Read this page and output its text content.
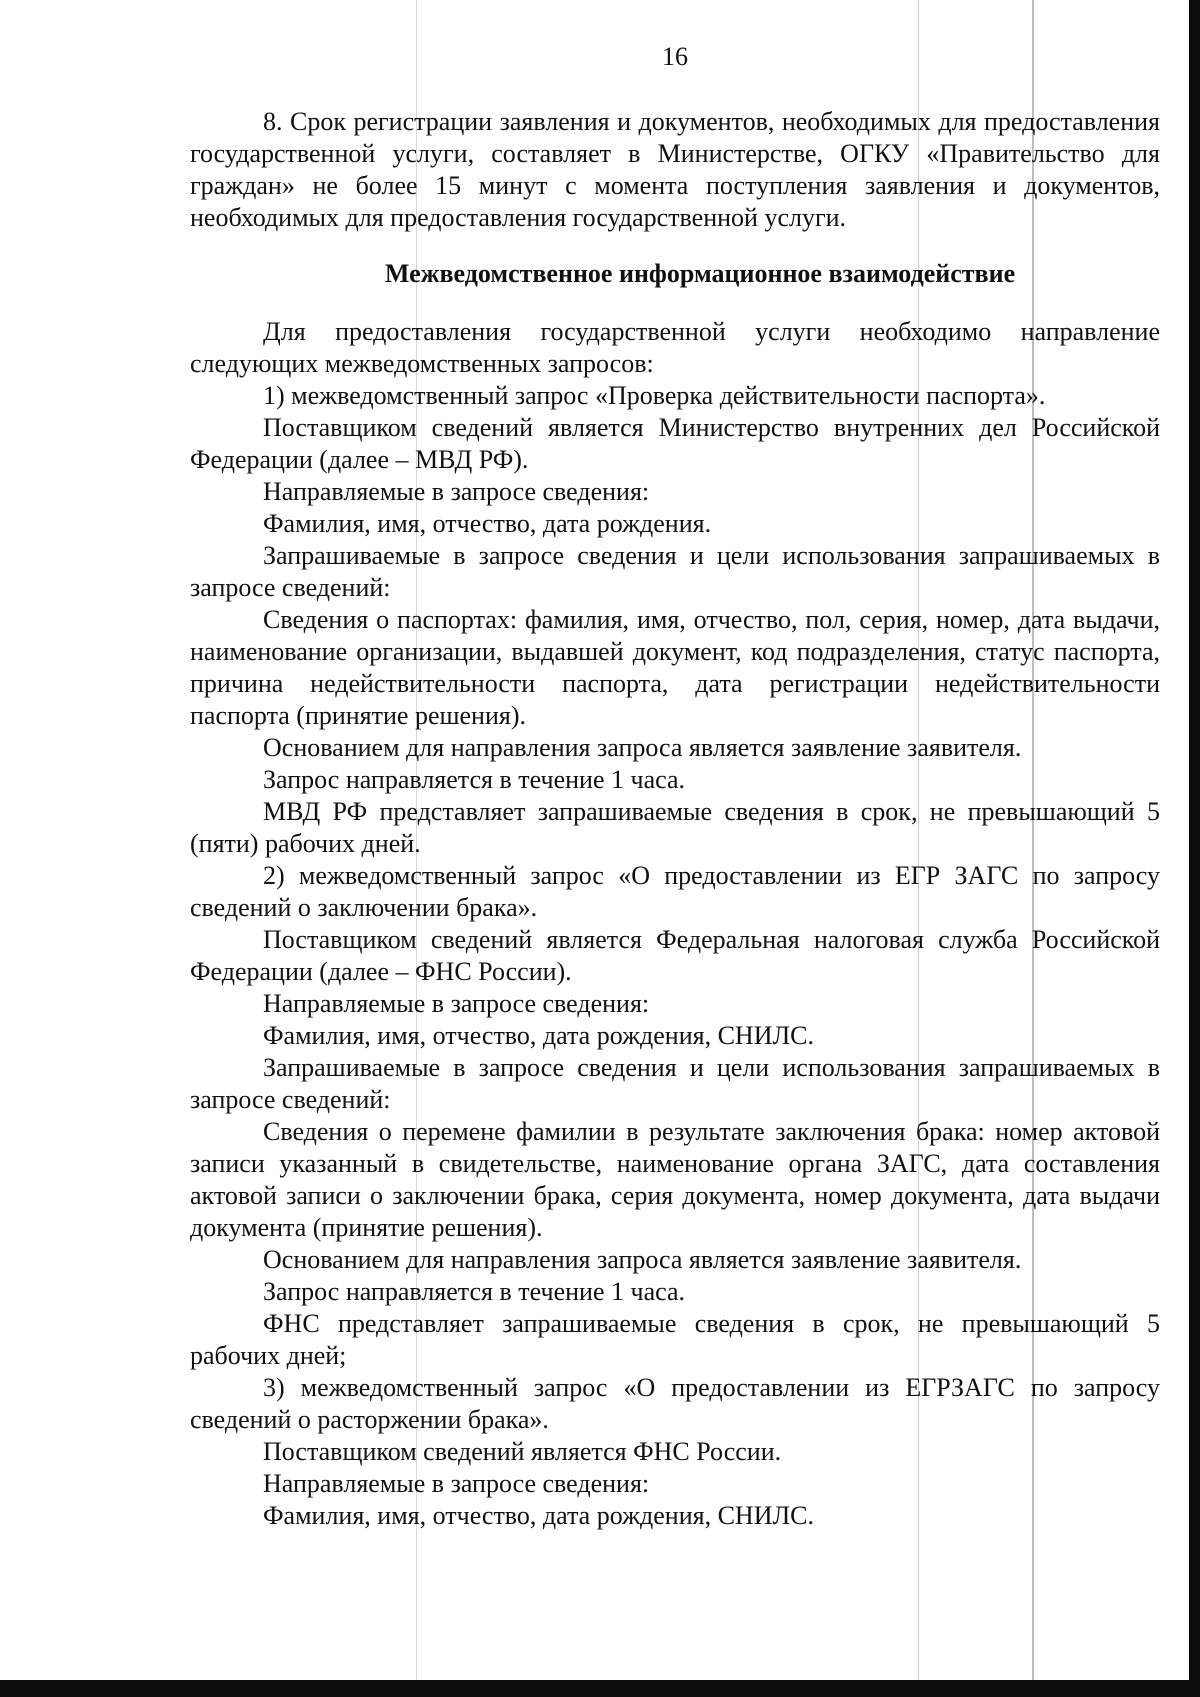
16

8. Срок регистрации заявления и документов, необходимых для предоставления государственной услуги, составляет в Министерстве, ОГКУ «Правительство для граждан» не более 15 минут с момента поступления заявления и документов, необходимых для предоставления государственной услуги.

Межведомственное информационное взаимодействие

Для предоставления государственной услуги необходимо направление следующих межведомственных запросов:

1) межведомственный запрос «Проверка действительности паспорта».

Поставщиком сведений является Министерство внутренних дел Российской Федерации (далее – МВД РФ).

Направляемые в запросе сведения:

Фамилия, имя, отчество, дата рождения.

Запрашиваемые в запросе сведения и цели использования запрашиваемых в запросе сведений:

Сведения о паспортах: фамилия, имя, отчество, пол, серия, номер, дата выдачи, наименование организации, выдавшей документ, код подразделения, статус паспорта, причина недействительности паспорта, дата регистрации недействительности паспорта (принятие решения).

Основанием для направления запроса является заявление заявителя.

Запрос направляется в течение 1 часа.

МВД РФ представляет запрашиваемые сведения в срок, не превышающий 5 (пяти) рабочих дней.

2) межведомственный запрос «О предоставлении из ЕГР ЗАГС по запросу сведений о заключении брака».

Поставщиком сведений является Федеральная налоговая служба Российской Федерации (далее – ФНС России).

Направляемые в запросе сведения:

Фамилия, имя, отчество, дата рождения, СНИЛС.

Запрашиваемые в запросе сведения и цели использования запрашиваемых в запросе сведений:

Сведения о перемене фамилии в результате заключения брака: номер актовой записи указанный в свидетельстве, наименование органа ЗАГС, дата составления актовой записи о заключении брака, серия документа, номер документа, дата выдачи документа (принятие решения).

Основанием для направления запроса является заявление заявителя.

Запрос направляется в течение 1 часа.

ФНС представляет запрашиваемые сведения в срок, не превышающий 5 рабочих дней;

3) межведомственный запрос «О предоставлении из ЕГРЗАГС по запросу сведений о расторжении брака».

Поставщиком сведений является ФНС России.

Направляемые в запросе сведения:

Фамилия, имя, отчество, дата рождения, СНИЛС.
